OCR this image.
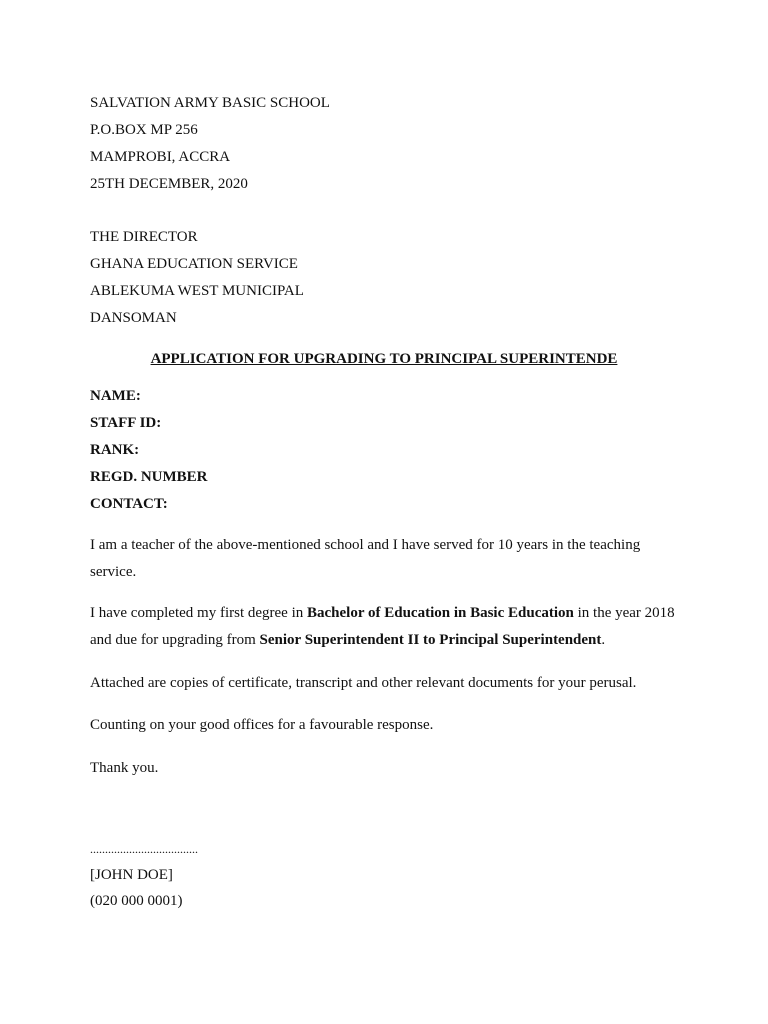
SALVATION ARMY BASIC SCHOOL
P.O.BOX MP 256
MAMPROBI, ACCRA
25TH DECEMBER, 2020
THE DIRECTOR
GHANA EDUCATION SERVICE
ABLEKUMA WEST MUNICIPAL
DANSOMAN
APPLICATION FOR UPGRADING TO PRINCIPAL SUPERINTENDE
NAME:
STAFF ID:
RANK:
REGD. NUMBER
CONTACT:
I am a teacher of the above-mentioned school and I have served for 10 years in the teaching service.
I have completed my first degree in Bachelor of Education in Basic Education in the year 2018 and due for upgrading from Senior Superintendent II to Principal Superintendent.
Attached are copies of certificate, transcript and other relevant documents for your perusal.
Counting on your good offices for a favourable response.
Thank you.
....................................
[JOHN DOE]
(020 000 0001)
